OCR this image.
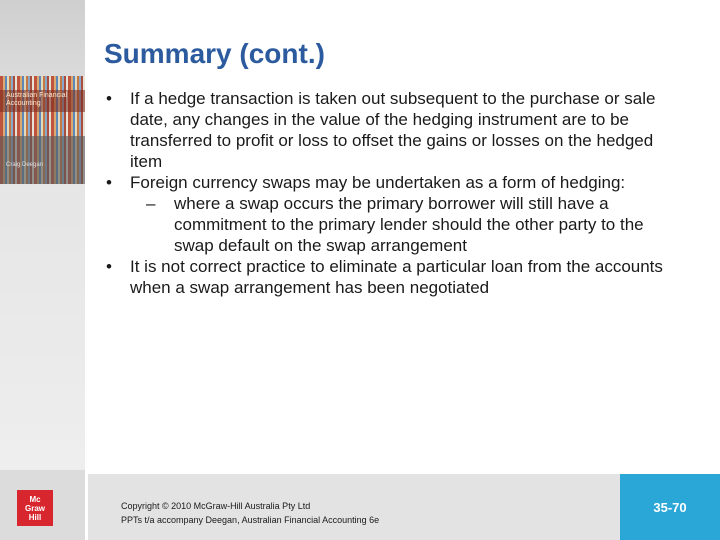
Australian Financial Accounting
Craig Deegan
Mc
Graw
Hill
Summary (cont.)
• If a hedge transaction is taken out subsequent to the purchase or sale date, any changes in the value of the hedging instrument are to be transferred to profit or loss to offset the gains or losses on the hedged item
• Foreign currency swaps may be undertaken as a form of hedging:
– where a swap occurs the primary borrower will still have a commitment to the primary lender should the other party to the swap default on the swap arrangement
• It is not correct practice to eliminate a particular loan from the accounts when a swap arrangement has been negotiated
Copyright © 2010 McGraw-Hill Australia Pty Ltd
PPTs t/a accompany Deegan, Australian Financial Accounting 6e
35-70
